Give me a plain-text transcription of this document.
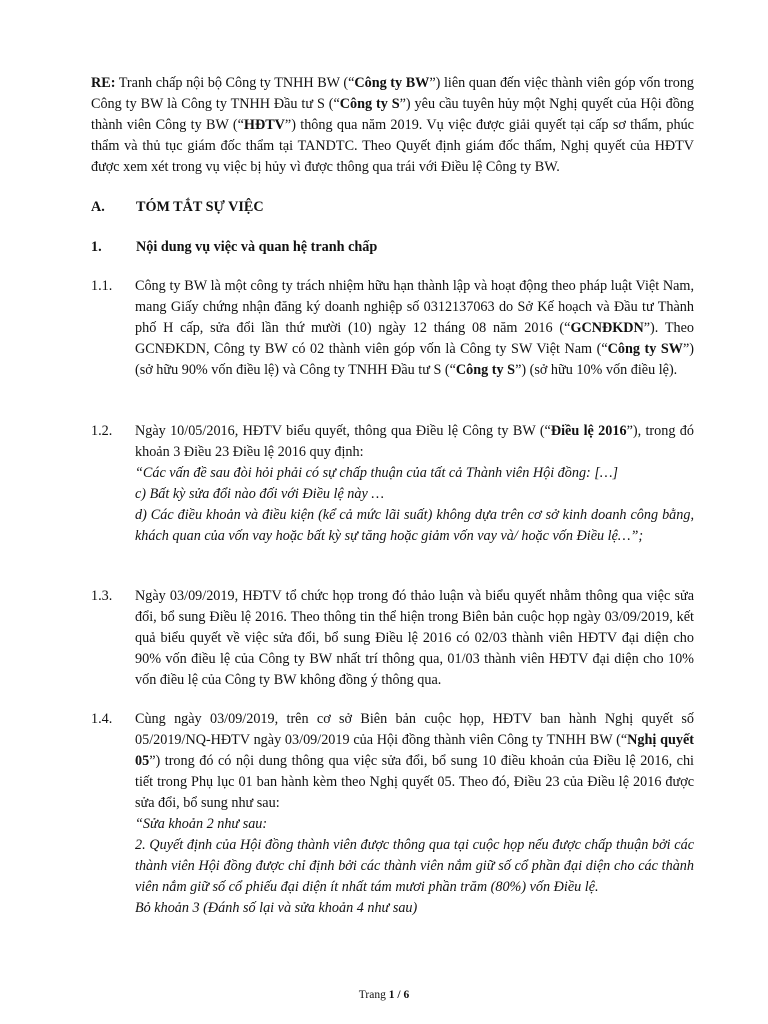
RE: Tranh chấp nội bộ Công ty TNHH BW (“Công ty BW”) liên quan đến việc thành viên góp vốn trong Công ty BW là Công ty TNHH Đầu tư S (“Công ty S”) yêu cầu tuyên hủy một Nghị quyết của Hội đồng thành viên Công ty BW (“HĐTV”) thông qua năm 2019. Vụ việc được giải quyết tại cấp sơ thẩm, phúc thẩm và thủ tục giám đốc thẩm tại TANDTC. Theo Quyết định giám đốc thẩm, Nghị quyết của HĐTV được xem xét trong vụ việc bị hủy vì được thông qua trái với Điều lệ Công ty BW.
A. TÓM TẮT SỰ VIỆC
1. Nội dung vụ việc và quan hệ tranh chấp
1.1. Công ty BW là một công ty trách nhiệm hữu hạn thành lập và hoạt động theo pháp luật Việt Nam, mang Giấy chứng nhận đăng ký doanh nghiệp số 0312137063 do Sở Kế hoạch và Đầu tư Thành phố H cấp, sửa đổi lần thứ mười (10) ngày 12 tháng 08 năm 2016 (“GCNĐKDN”). Theo GCNĐKDN, Công ty BW có 02 thành viên góp vốn là Công ty SW Việt Nam (“Công ty SW”) (sở hữu 90% vốn điều lệ) và Công ty TNHH Đầu tư S (“Công ty S”) (sở hữu 10% vốn điều lệ).

1.2. Ngày 10/05/2016, HĐTV biểu quyết, thông qua Điều lệ Công ty BW (“Điều lệ 2016”), trong đó khoản 3 Điều 23 Điều lệ 2016 quy định:

“Các vấn đề sau đòi hỏi phải có sự chấp thuận của tất cả Thành viên Hội đồng: […]

c) Bất kỳ sửa đổi nào đối với Điều lệ này …

d) Các điều khoản và điều kiện (kể cả mức lãi suất) không dựa trên cơ sở kinh doanh công bằng, khách quan của vốn vay hoặc bất kỳ sự tăng hoặc giảm vốn vay và/ hoặc vốn Điều lệ…”;

1.3. Ngày 03/09/2019, HĐTV tổ chức họp trong đó thảo luận và biểu quyết nhằm thông qua việc sửa đổi, bổ sung Điều lệ 2016. Theo thông tin thể hiện trong Biên bản cuộc họp ngày 03/09/2019, kết quả biểu quyết về việc sửa đổi, bổ sung Điều lệ 2016 có 02/03 thành viên HĐTV đại diện cho 90% vốn điều lệ của Công ty BW nhất trí thông qua, 01/03 thành viên HĐTV đại diện cho 10% vốn điều lệ của Công ty BW không đồng ý thông qua.

1.4. Cùng ngày 03/09/2019, trên cơ sở Biên bản cuộc họp, HĐTV ban hành Nghị quyết số 05/2019/NQ-HĐTV ngày 03/09/2019 của Hội đồng thành viên Công ty TNHH BW (“Nghị quyết 05”) trong đó có nội dung thông qua việc sửa đổi, bổ sung 10 điều khoản của Điều lệ 2016, chi tiết trong Phụ lục 01 ban hành kèm theo Nghị quyết 05. Theo đó, Điều 23 của Điều lệ 2016 được sửa đổi, bổ sung như sau:

“Sửa khoản 2 như sau:

2. Quyết định của Hội đồng thành viên được thông qua tại cuộc họp nếu được chấp thuận bởi các thành viên Hội đồng được chỉ định bởi các thành viên nắm giữ số cổ phần đại diện cho các thành viên nắm giữ số cổ phiếu đại diện ít nhất tám mươi phần trăm (80%) vốn Điều lệ.

Bỏ khoản 3 (Đánh số lại và sửa khoản 4 như sau)

Trang 1 / 6
